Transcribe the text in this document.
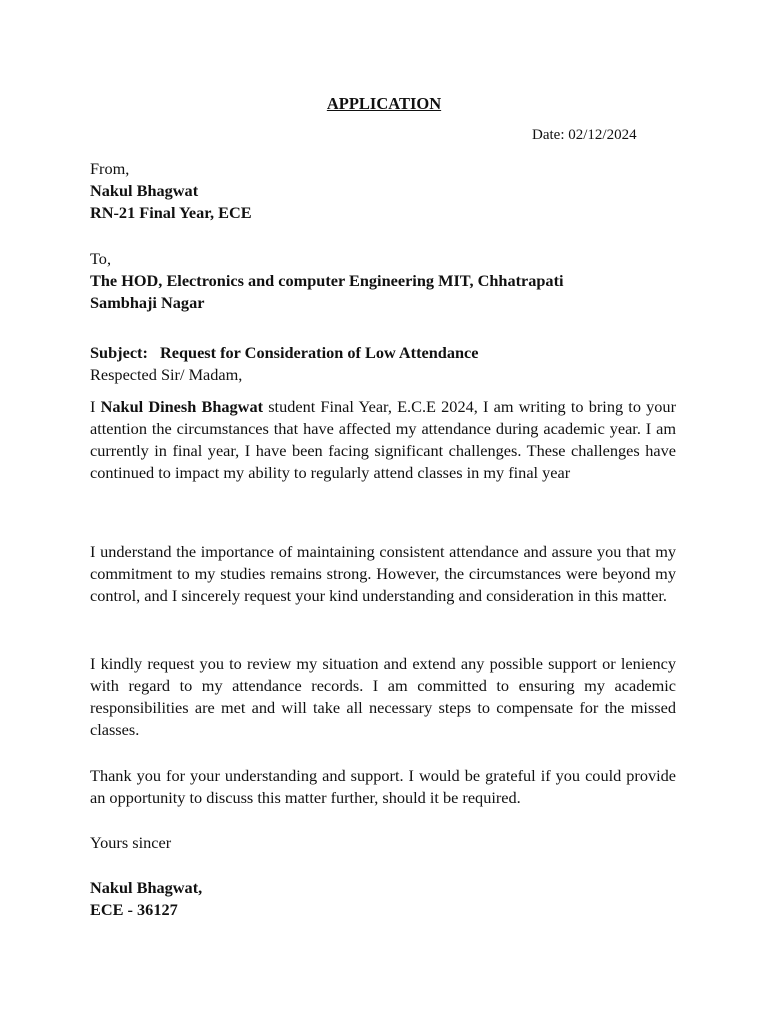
APPLICATION
Date: 02/12/2024
From,
Nakul Bhagwat
RN-21 Final Year, ECE
To,
The HOD, Electronics and computer Engineering MIT, Chhatrapati
Sambhaji Nagar
Subject: Request for Consideration of Low Attendance
Respected Sir/ Madam,
I Nakul Dinesh Bhagwat student Final Year, E.C.E 2024, I am writing to bring to your attention the circumstances that have affected my attendance during academic year. I am currently in final year, I have been facing significant challenges. These challenges have continued to impact my ability to regularly attend classes in my final year
I understand the importance of maintaining consistent attendance and assure you that my commitment to my studies remains strong. However, the circumstances were beyond my control, and I sincerely request your kind understanding and consideration in this matter.
I kindly request you to review my situation and extend any possible support or leniency with regard to my attendance records. I am committed to ensuring my academic responsibilities are met and will take all necessary steps to compensate for the missed classes.
Thank you for your understanding and support. I would be grateful if you could provide an opportunity to discuss this matter further, should it be required.
Yours sincer
Nakul Bhagwat,
ECE - 36127
